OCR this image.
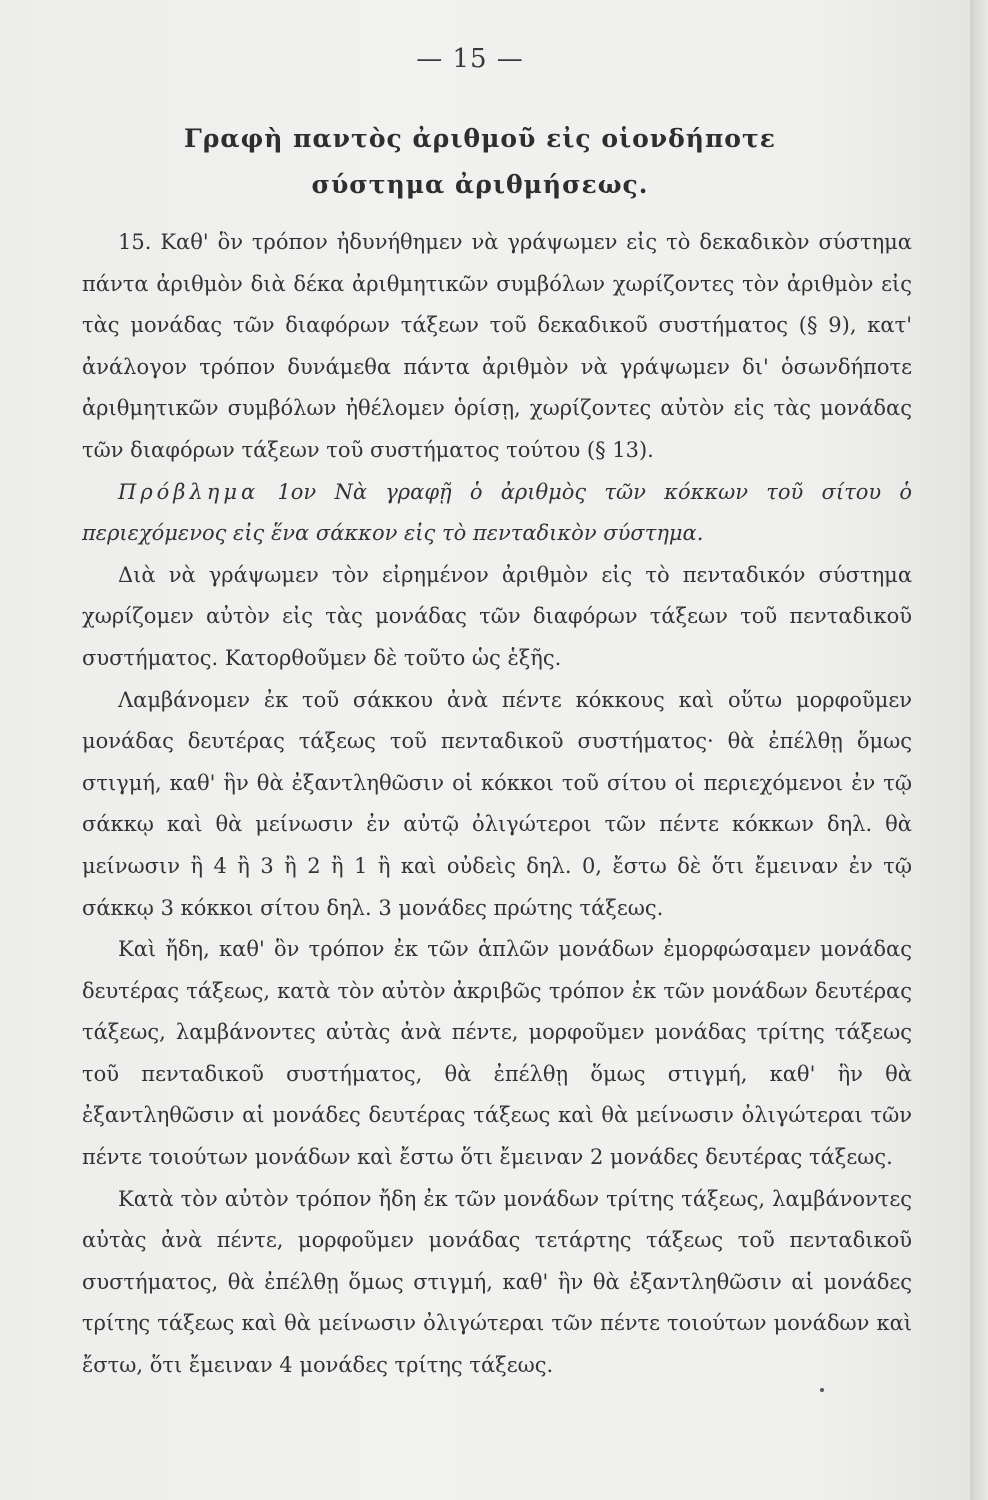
— 15 —
Γραφὴ παντὸς ἀριθμοῦ εἰς οἱονδήποτε
σύστημα ἀριθμήσεως.

15. Καθ' ὃν τρόπον ἠδυνήθημεν νὰ γράψωμεν εἰς τὸ δεκαδικὸν σύστημα πάντα ἀριθμὸν διὰ δέκα ἀριθμητικῶν συμβόλων χωρίζοντες τὸν ἀριθμὸν εἰς τὰς μονάδας τῶν διαφόρων τάξεων τοῦ δεκαδικοῦ συστήματος (§ 9), κατ' ἀνάλογον τρόπον δυνάμεθα πάντα ἀριθμὸν νὰ γράψωμεν δι' ὁσωνδήποτε ἀριθμητικῶν συμβόλων ἠθέλομεν ὁρίσῃ, χωρίζοντες αὐτὸν εἰς τὰς μονάδας τῶν διαφόρων τάξεων τοῦ συστήματος τούτου (§ 13).

Πρόβλημα 1ον Νὰ γραφῇ ὁ ἀριθμὸς τῶν κόκκων τοῦ σίτου ὁ περιεχόμενος εἰς ἕνα σάκκον εἰς τὸ πενταδικὸν σύστημα.

Διὰ νὰ γράψωμεν τὸν εἰρημένον ἀριθμὸν εἰς τὸ πενταδικόν σύστημα χωρίζομεν αὐτὸν εἰς τὰς μονάδας τῶν διαφόρων τάξεων τοῦ πενταδικοῦ συστήματος. Κατορθοῦμεν δὲ τοῦτο ὡς ἑξῆς.

Λαμβάνομεν ἐκ τοῦ σάκκου ἀνὰ πέντε κόκκους καὶ οὕτω μορφοῦμεν μονάδας δευτέρας τάξεως τοῦ πενταδικοῦ συστήματος· θὰ ἐπέλθῃ ὅμως στιγμή, καθ' ἣν θὰ ἐξαντληθῶσιν οἱ κόκκοι τοῦ σίτου οἱ περιεχόμενοι ἐν τῷ σάκκῳ καὶ θὰ μείνωσιν ἐν αὐτῷ ὀλιγώτεροι τῶν πέντε κόκκων δηλ. θὰ μείνωσιν ἢ 4 ἢ 3 ἢ 2 ἢ 1 ἢ καὶ οὐδεὶς δηλ. 0, ἔστω δὲ ὅτι ἔμειναν ἐν τῷ σάκκῳ 3 κόκκοι σίτου δηλ. 3 μονάδες πρώτης τάξεως.

Καὶ ἤδη, καθ' ὃν τρόπον ἐκ τῶν ἁπλῶν μονάδων ἐμορφώσαμεν μονάδας δευτέρας τάξεως, κατὰ τὸν αὐτὸν ἀκριβῶς τρόπον ἐκ τῶν μονάδων δευτέρας τάξεως, λαμβάνοντες αὐτὰς ἀνὰ πέντε, μορφοῦμεν μονάδας τρίτης τάξεως τοῦ πενταδικοῦ συστήματος, θὰ ἐπέλθῃ ὅμως στιγμή, καθ' ἣν θὰ ἐξαντληθῶσιν αἱ μονάδες δευτέρας τάξεως καὶ θὰ μείνωσιν ὀλιγώτεραι τῶν πέντε τοιούτων μονάδων καὶ ἔστω ὅτι ἔμειναν 2 μονάδες δευτέρας τάξεως.

Κατὰ τὸν αὐτὸν τρόπον ἤδη ἐκ τῶν μονάδων τρίτης τάξεως, λαμβάνοντες αὐτὰς ἀνὰ πέντε, μορφοῦμεν μονάδας τετάρτης τάξεως τοῦ πενταδικοῦ συστήματος, θὰ ἐπέλθῃ ὅμως στιγμή, καθ' ἣν θὰ ἐξαντληθῶσιν αἱ μονάδες τρίτης τάξεως καὶ θὰ μείνωσιν ὀλιγώτεραι τῶν πέντε τοιούτων μονάδων καὶ ἔστω, ὅτι ἔμειναν 4 μονάδες τρίτης τάξεως.
